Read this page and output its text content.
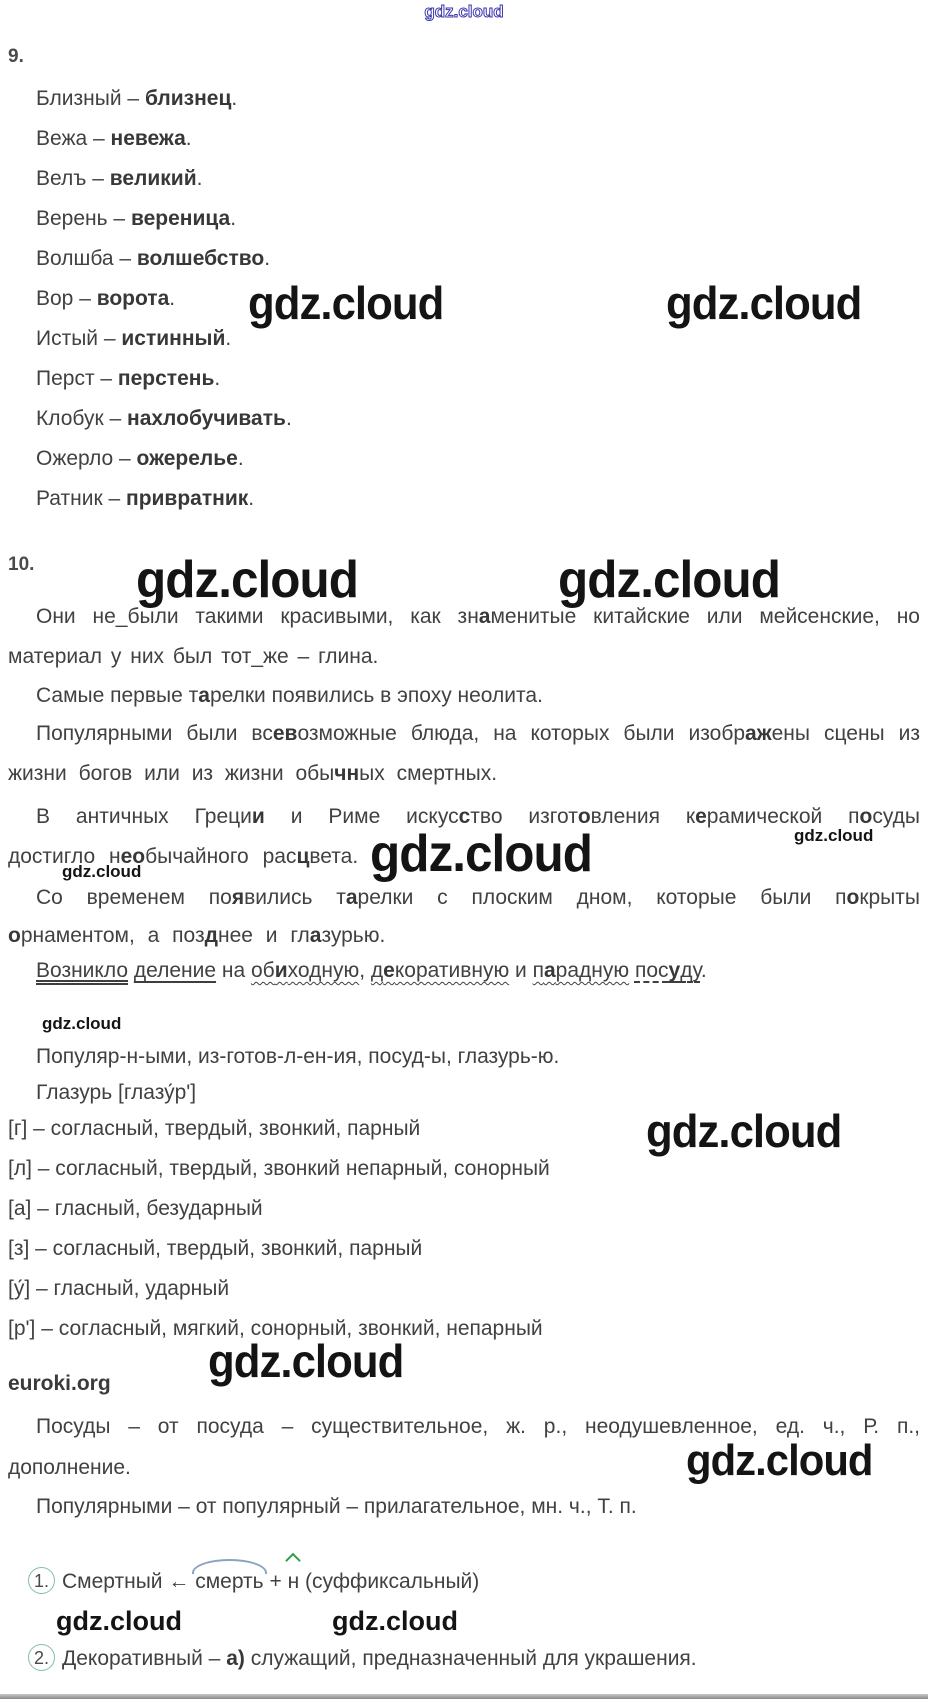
gdz.cloud
gdz.cloud	gdz.cloud
gdz.cloud	gdz.cloud
gdz.cloud	gdz.cloud
gdz.cloud
gdz.cloud
gdz.cloud
gdz.cloud
gdz.cloud
gdz.cloud	gdz.cloud
9.
Близный – близнец.
Вежа – невежа.
Велъ – великий.
Верень – вереница.
Волшба – волшебство.
Вор – ворота.
Истый – истинный.
Перст – перстень.
Клобук – нахлобучивать.
Ожерло – ожерелье.
Ратник – привратник.
10.
Они не_были такими красивыми, как знаменитые китайские или мейсенские, но материал у них был тот_же – глина.
Самые первые тарелки появились в эпоху неолита.
Популярными были всевозможные блюда, на которых были изображены сцены из жизни богов или из жизни обычных смертных.
В античных Греции и Риме искусство изготовления керамической посуды достигло необычайного расцвета.
Со временем появились тарелки с плоским дном, которые были покрыты орнаментом, а позднее и глазурью.
Возникло деление на обиходную, декоративную и парадную посуду.
Популяр-н-ыми, из-готов-л-ен-ия, посуд-ы, глазурь-ю.
Глазурь [глазу́р']
[г] – согласный, твердый, звонкий, парный
[л] – согласный, твердый, звонкий непарный, сонорный
[а] – гласный, безударный
[з] – согласный, твердый, звонкий, парный
[у́] – гласный, ударный
[р'] – согласный, мягкий, сонорный, звонкий, непарный
euroki.org
Посуды – от посуда – существительное, ж. р., неодушевленное, ед. ч., Р. п., дополнение.
Популярными – от популярный – прилагательное, мн. ч., Т. п.
1. Смертный ← смерть + н (суффиксальный)
2. Декоративный – а) служащий, предназначенный для украшения.
